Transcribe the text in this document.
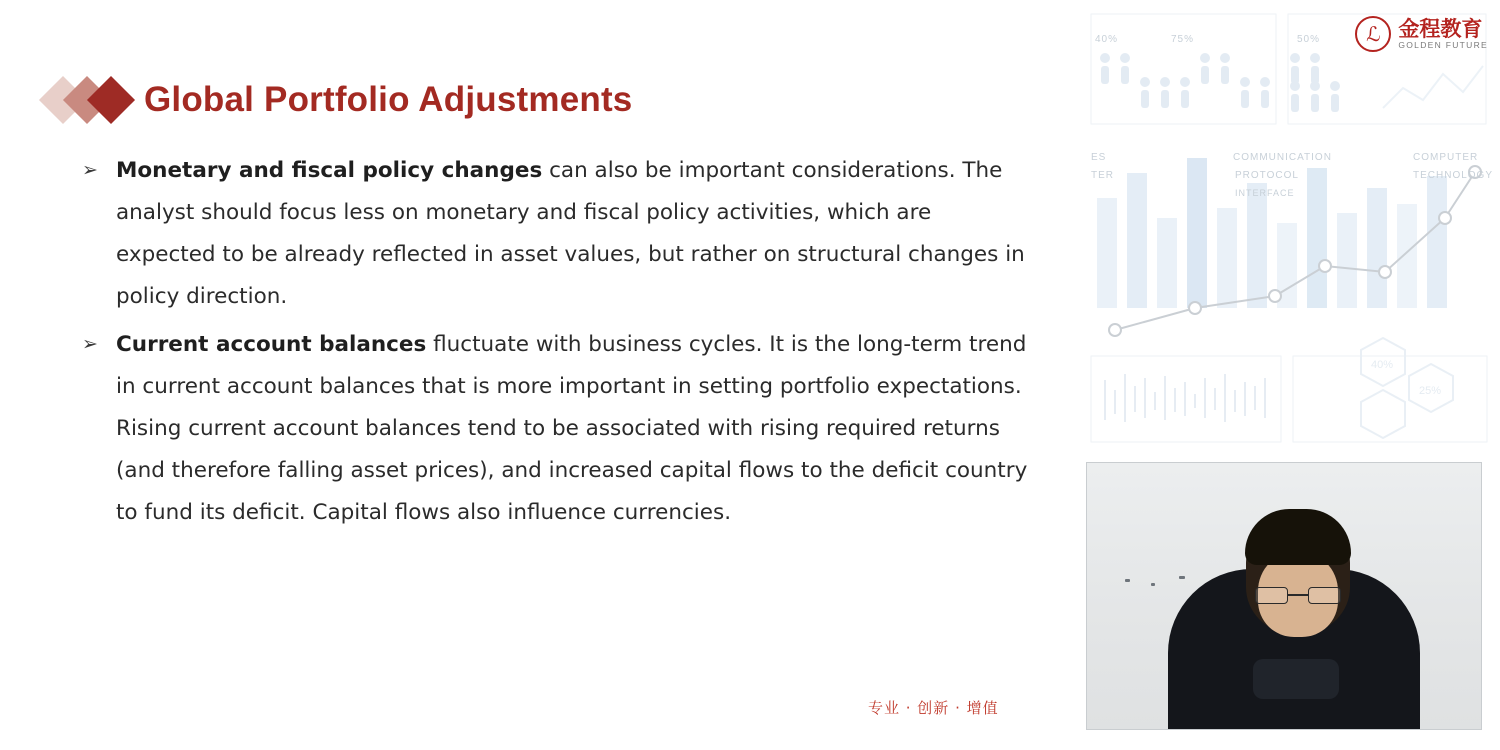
Global Portfolio Adjustments
➢ Monetary and fiscal policy changes can also be important considerations. The analyst should focus less on monetary and fiscal policy activities, which are expected to be already reflected in asset values, but rather on structural changes in policy direction.
➢ Current account balances fluctuate with business cycles. It is the long-term trend in current account balances that is more important in setting portfolio expectations. Rising current account balances tend to be associated with rising required returns (and therefore falling asset prices), and increased capital flows to the deficit country to fund its deficit. Capital flows also influence currencies.
专业 · 创新 · 增值
40%
25%
COMMUNICATION
PROTOCOL
INTERFACE
COMPUTER
TECHNOLOGY
ES
TER
40%	75%	50%	ℒ 金程教育
GOLDEN FUTURE
